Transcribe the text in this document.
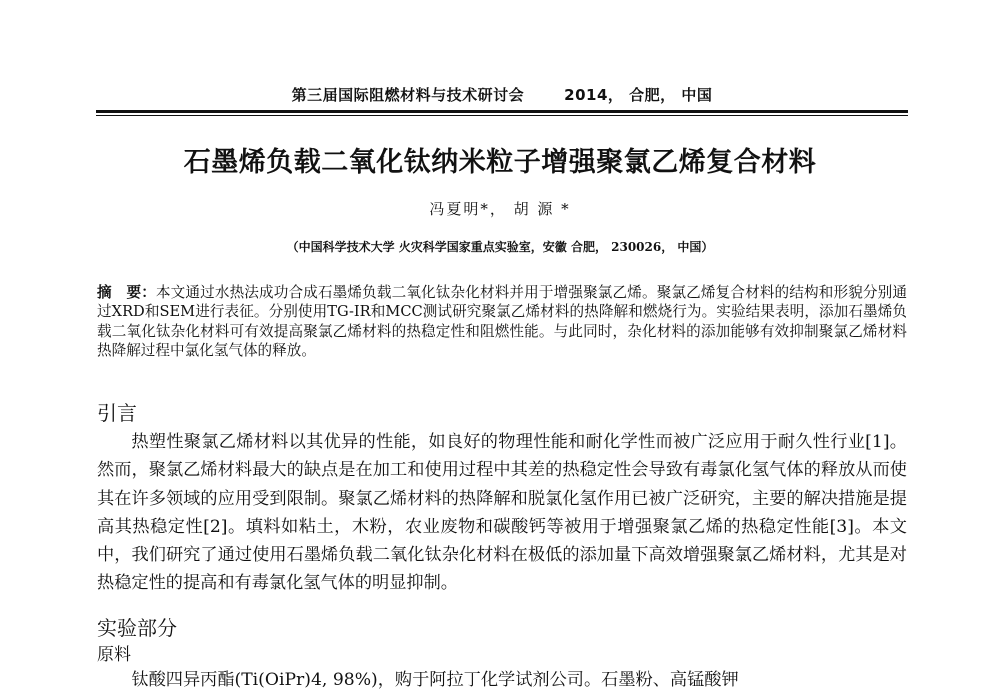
第三届国际阻燃材料与技术研讨会	2014， 合肥， 中国
石墨烯负载二氧化钛纳米粒子增强聚氯乙烯复合材料
冯夏明*， 胡 源 *
（中国科学技术大学 火灾科学国家重点实验室，安徽 合肥， 230026， 中国）
摘　要：本文通过水热法成功合成石墨烯负载二氧化钛杂化材料并用于增强聚氯乙烯。聚氯乙烯复合材料的结构和形貌分别通过XRD和SEM进行表征。分别使用TG-IR和MCC测试研究聚氯乙烯材料的热降解和燃烧行为。实验结果表明，添加石墨烯负载二氧化钛杂化材料可有效提高聚氯乙烯材料的热稳定性和阻燃性能。与此同时，杂化材料的添加能够有效抑制聚氯乙烯材料热降解过程中氯化氢气体的释放。
引言
热塑性聚氯乙烯材料以其优异的性能，如良好的物理性能和耐化学性而被广泛应用于耐久性行业[1]。然而，聚氯乙烯材料最大的缺点是在加工和使用过程中其差的热稳定性会导致有毒氯化氢气体的释放从而使其在许多领域的应用受到限制。聚氯乙烯材料的热降解和脱氯化氢作用已被广泛研究，主要的解决措施是提高其热稳定性[2]。填料如粘土，木粉，农业废物和碳酸钙等被用于增强聚氯乙烯的热稳定性能[3]。本文中，我们研究了通过使用石墨烯负载二氧化钛杂化材料在极低的添加量下高效增强聚氯乙烯材料，尤其是对热稳定性的提高和有毒氯化氢气体的明显抑制。
实验部分
原料
钛酸四异丙酯(Ti(OiPr)4, 98%)，购于阿拉丁化学试剂公司。石墨粉、高锰酸钾
